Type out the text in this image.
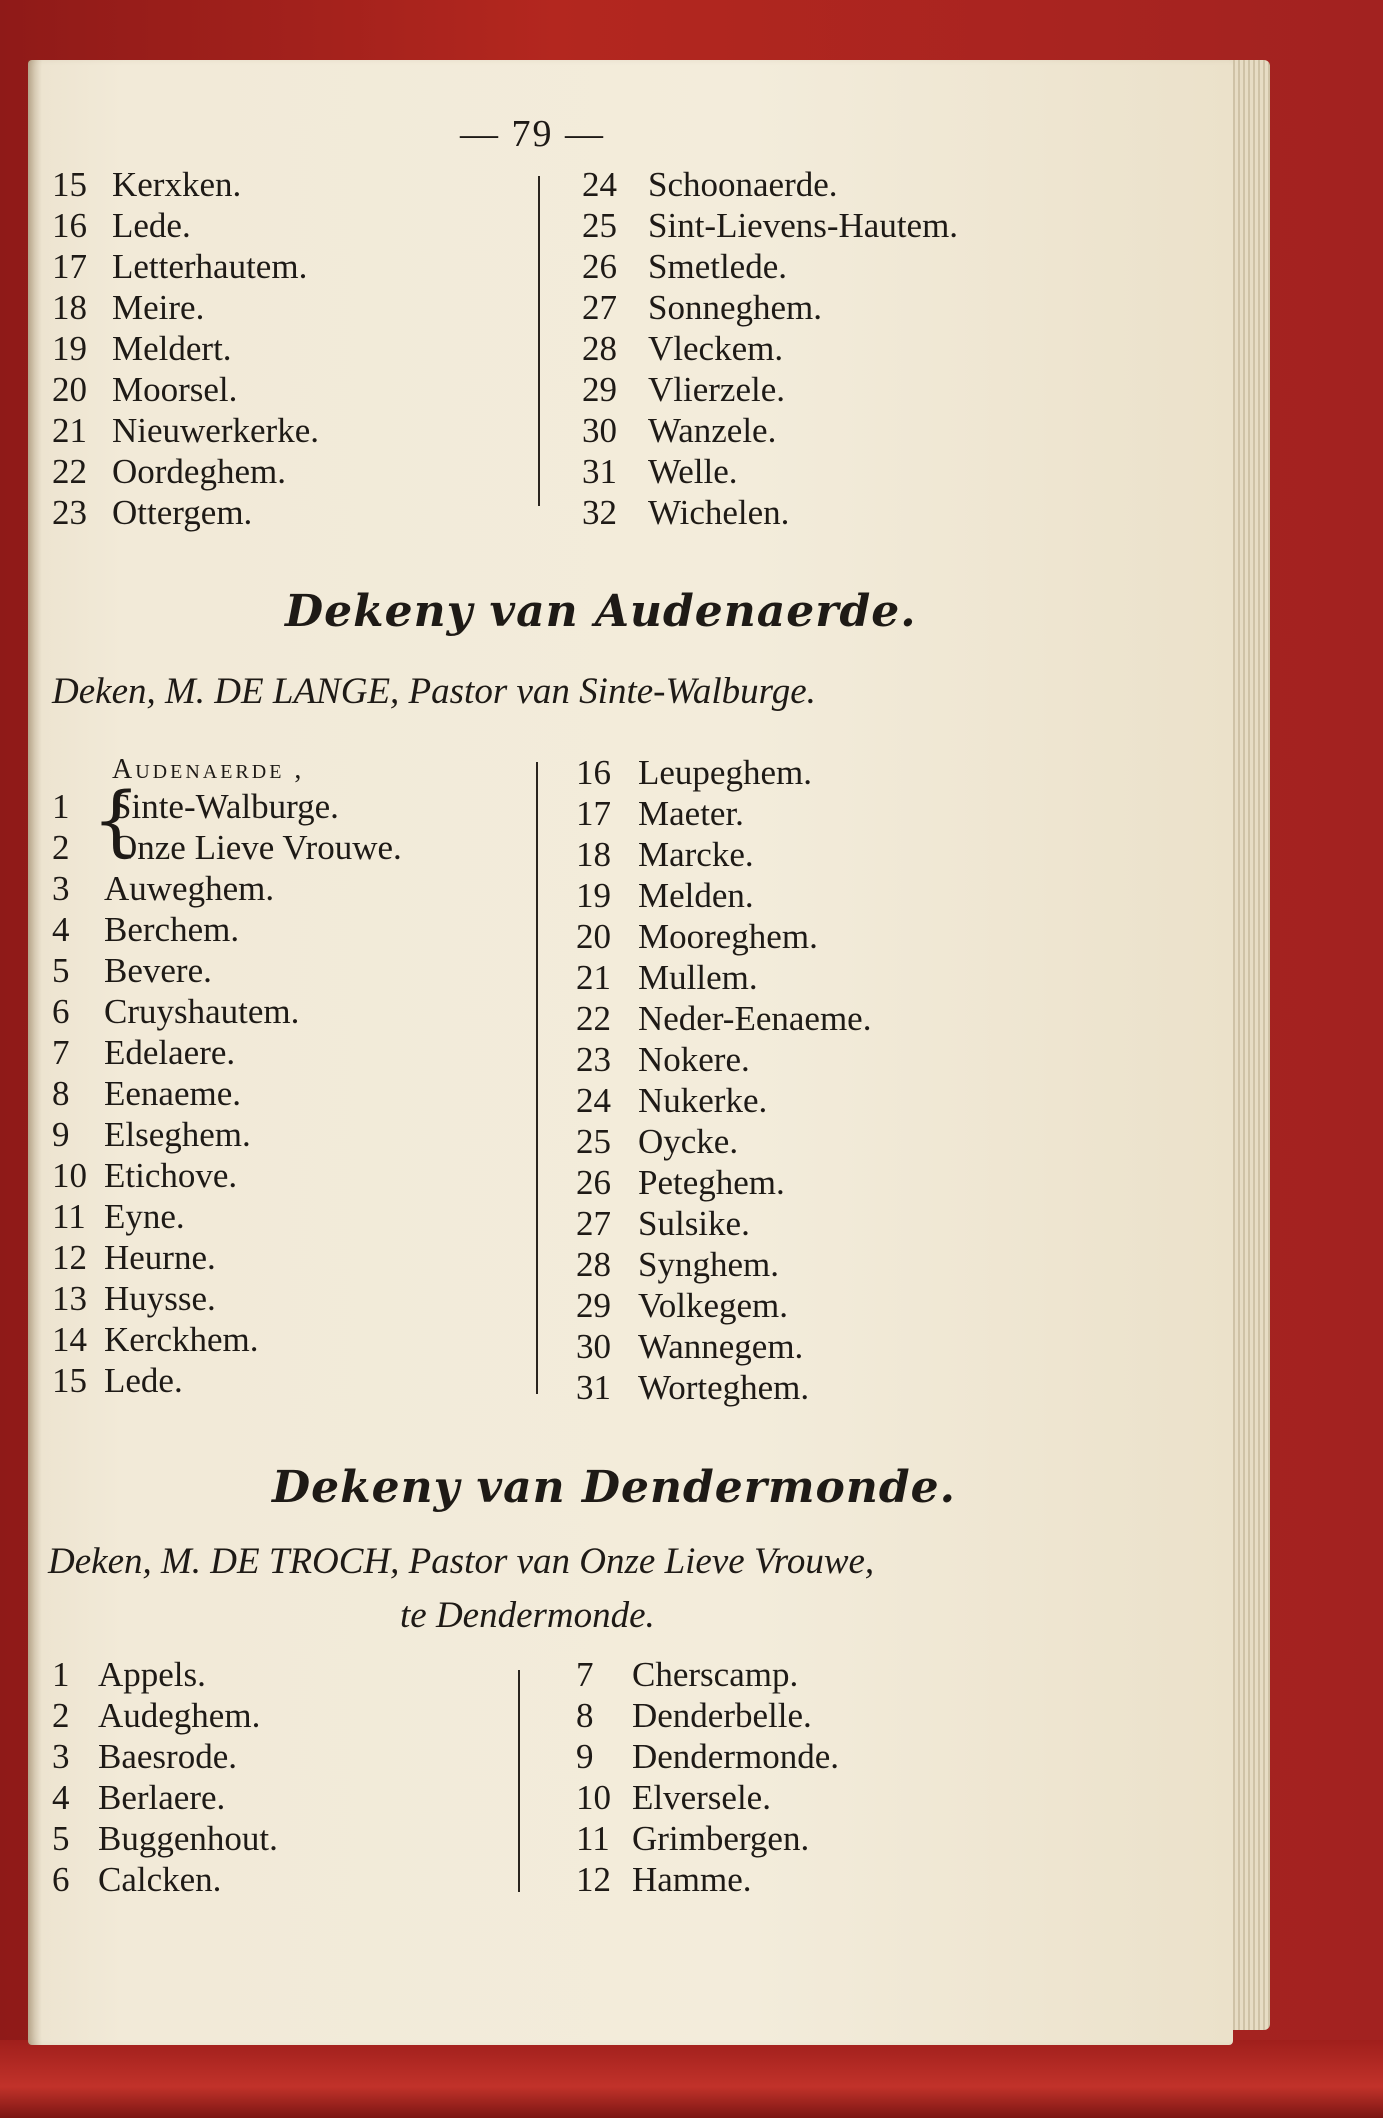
— 79 —
15 Kerxken.
16 Lede.
17 Letterhautem.
18 Meire.
19 Meldert.
20 Moorsel.
21 Nieuwerkerke.
22 Oordeghem.
23 Ottergem.
24 Schoonaerde.
25 Sint-Lievens-Hautem.
26 Smetlede.
27 Sonneghem.
28 Vleckem.
29 Vlierzele.
30 Wanzele.
31 Welle.
32 Wichelen.
Dekeny van Audenaerde.
Deken, M. DE LANGE, Pastor van Sinte-Walburge.
Audenaerde ,
{
1 Sinte-Walburge.
2 Onze Lieve Vrouwe.
3 Auweghem.
4 Berchem.
5 Bevere.
6 Cruyshautem.
7 Edelaere.
8 Eenaeme.
9 Elseghem.
10 Etichove.
11 Eyne.
12 Heurne.
13 Huysse.
14 Kerckhem.
15 Lede.
16 Leupeghem.
17 Maeter.
18 Marcke.
19 Melden.
20 Mooreghem.
21 Mullem.
22 Neder-Eenaeme.
23 Nokere.
24 Nukerke.
25 Oycke.
26 Peteghem.
27 Sulsike.
28 Synghem.
29 Volkegem.
30 Wannegem.
31 Worteghem.
Dekeny van Dendermonde.
Deken, M. DE TROCH, Pastor van Onze Lieve Vrouwe,
te Dendermonde.
1 Appels.
2 Audeghem.
3 Baesrode.
4 Berlaere.
5 Buggenhout.
6 Calcken.
7 Cherscamp.
8 Denderbelle.
9 Dendermonde.
10 Elversele.
11 Grimbergen.
12 Hamme.
